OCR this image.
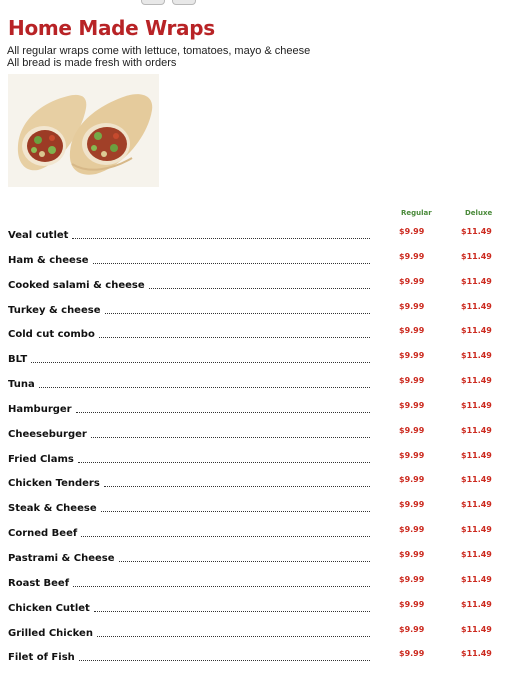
Home Made Wraps
All regular wraps come with lettuce, tomatoes, mayo & cheese
All bread is made fresh with orders
Regular	Deluxe
Veal cutlet	$9.99	$11.49
Ham & cheese	$9.99	$11.49
Cooked salami & cheese	$9.99	$11.49
Turkey & cheese	$9.99	$11.49
Cold cut combo	$9.99	$11.49
BLT	$9.99	$11.49
Tuna	$9.99	$11.49
Hamburger	$9.99	$11.49
Cheeseburger	$9.99	$11.49
Fried Clams	$9.99	$11.49
Chicken Tenders	$9.99	$11.49
Steak & Cheese	$9.99	$11.49
Corned Beef	$9.99	$11.49
Pastrami & Cheese	$9.99	$11.49
Roast Beef	$9.99	$11.49
Chicken Cutlet	$9.99	$11.49
Grilled Chicken	$9.99	$11.49
Filet of Fish	$9.99	$11.49
